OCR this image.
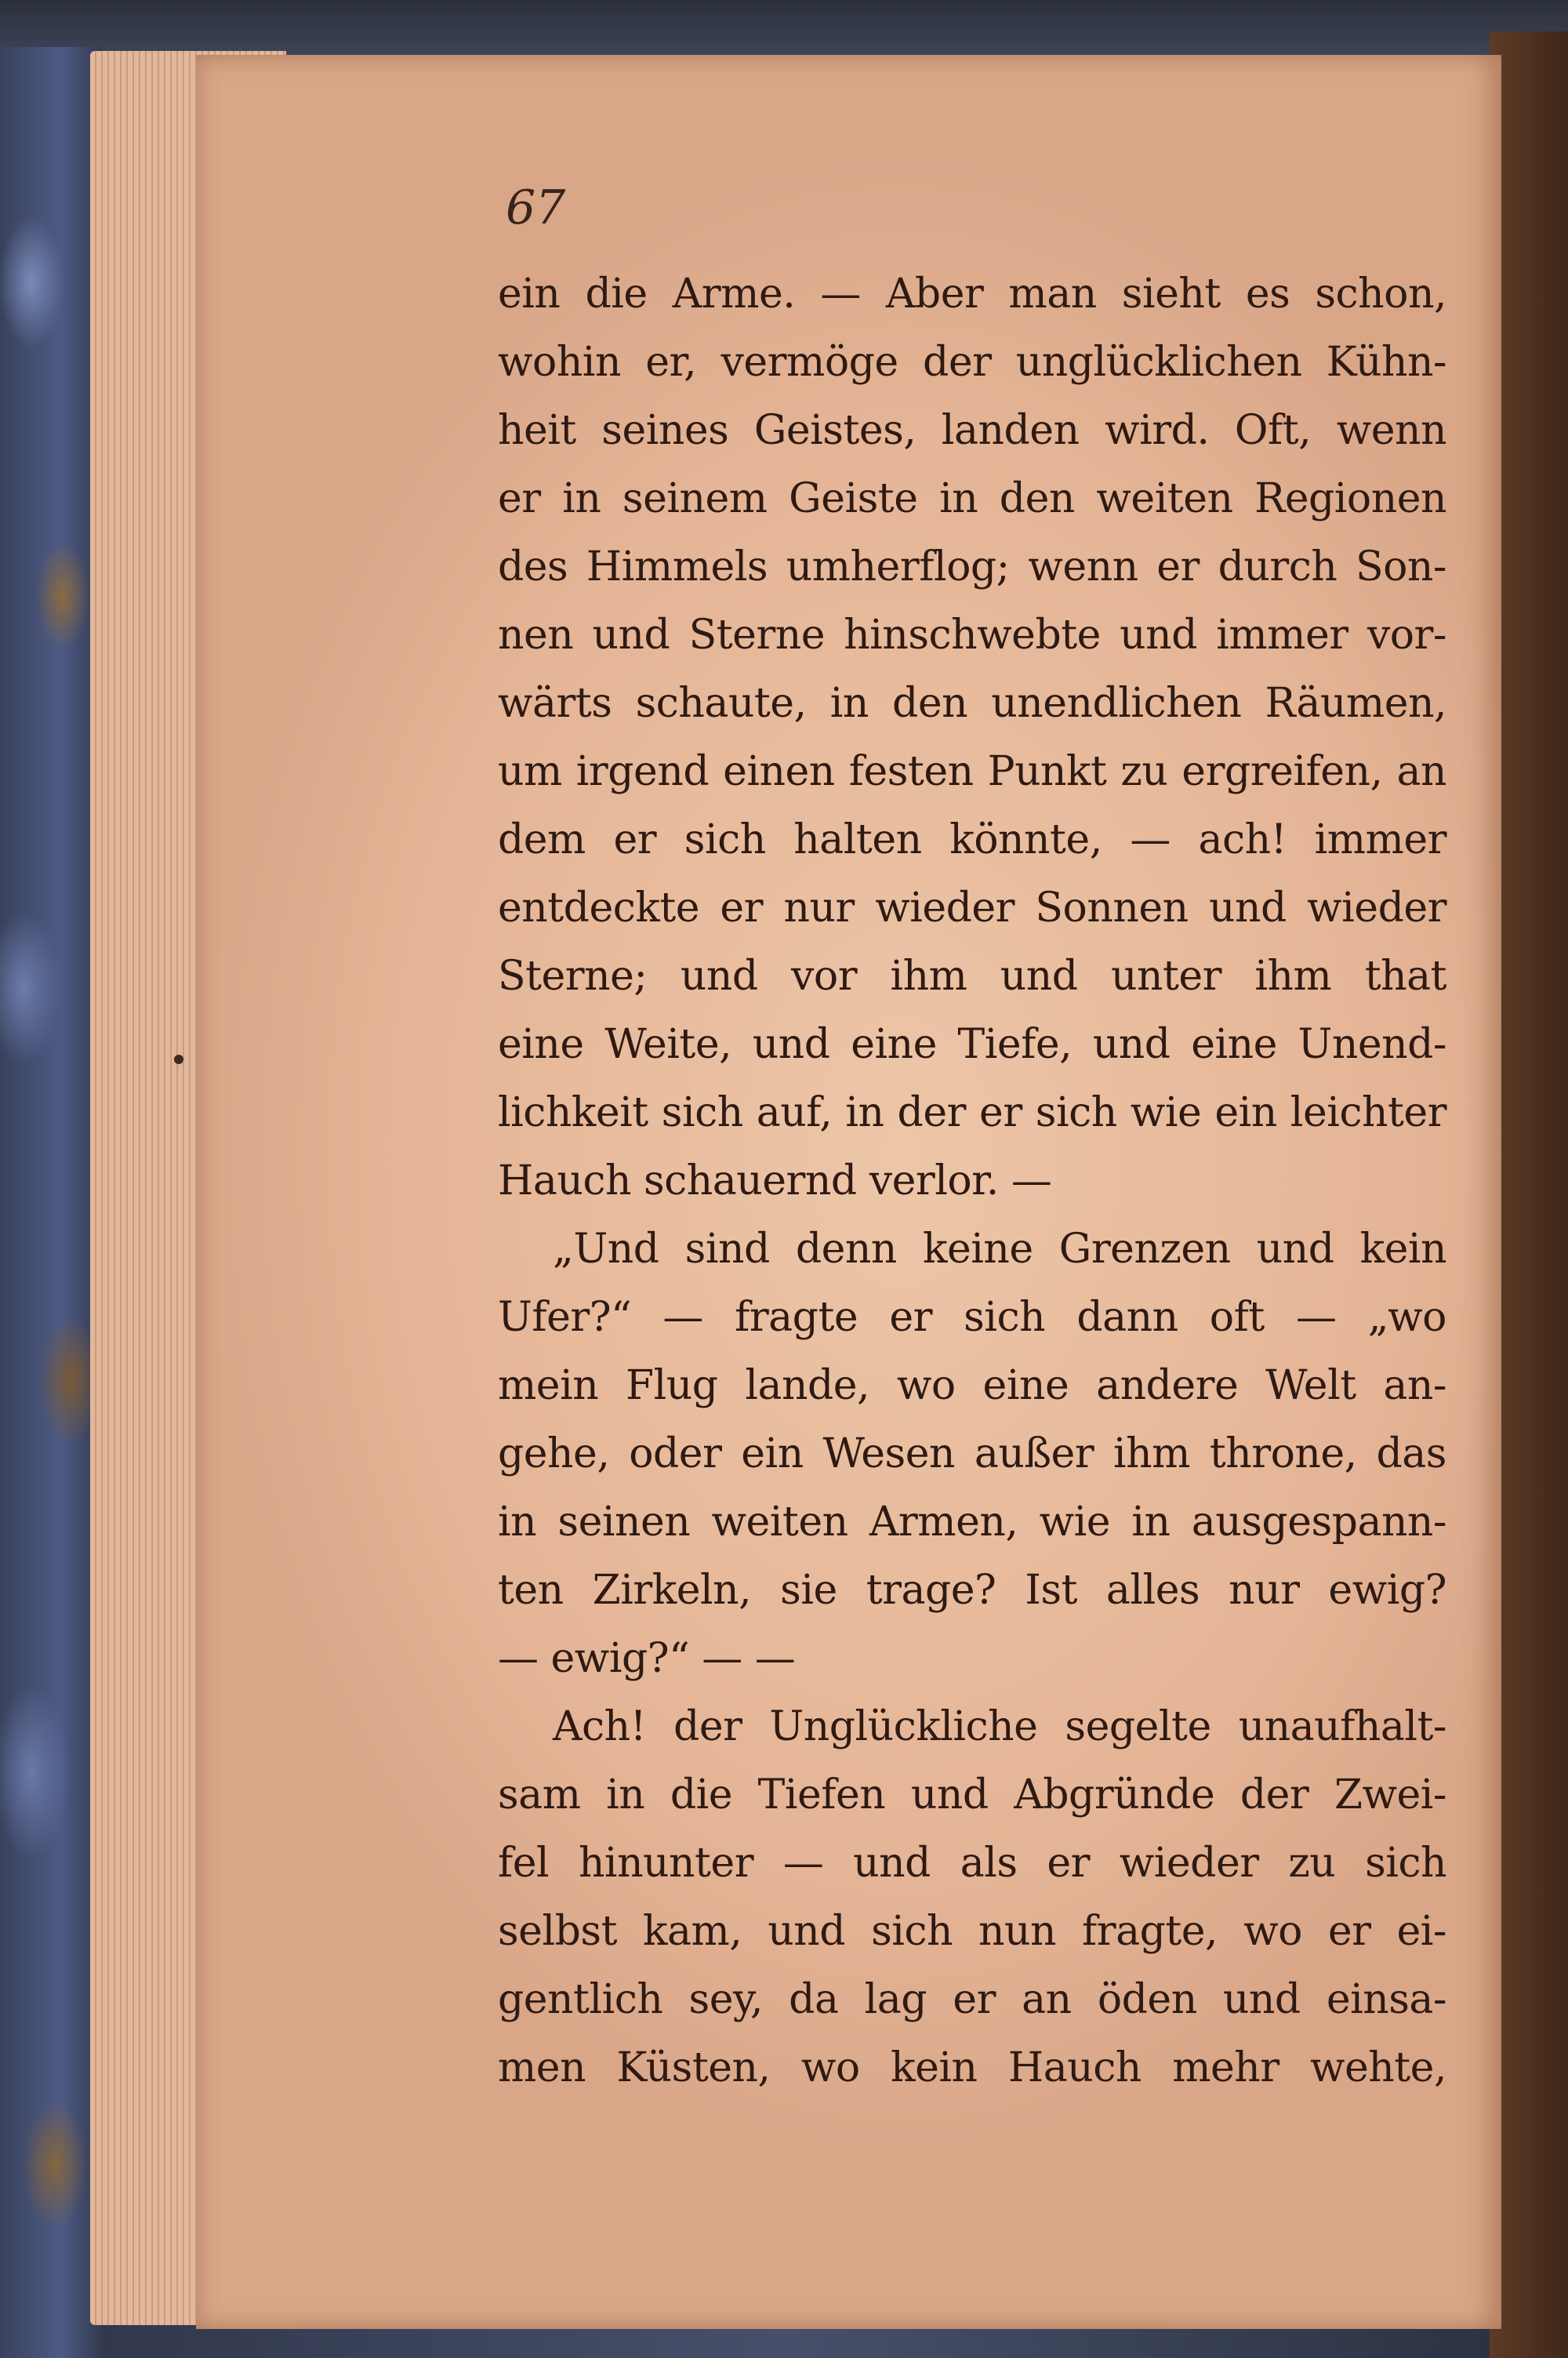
67
ein die Arme. — Aber man sieht es schon,
wohin er, vermöge der unglücklichen Kühn-
heit seines Geistes, landen wird. Oft, wenn
er in seinem Geiste in den weiten Regionen
des Himmels umherflog; wenn er durch Son-
nen und Sterne hinschwebte und immer vor-
wärts schaute, in den unendlichen Räumen,
um irgend einen festen Punkt zu ergreifen, an
dem er sich halten könnte, — ach! immer
entdeckte er nur wieder Sonnen und wieder
Sterne; und vor ihm und unter ihm that
eine Weite, und eine Tiefe, und eine Unend-
lichkeit sich auf, in der er sich wie ein leichter
Hauch schauernd verlor. —
„Und sind denn keine Grenzen und kein
Ufer?“ — fragte er sich dann oft — „wo
mein Flug lande, wo eine andere Welt an-
gehe, oder ein Wesen außer ihm throne, das
in seinen weiten Armen, wie in ausgespann-
ten Zirkeln, sie trage? Ist alles nur ewig?
— ewig?“ — —
Ach! der Unglückliche segelte unaufhalt-
sam in die Tiefen und Abgründe der Zwei-
fel hinunter — und als er wieder zu sich
selbst kam, und sich nun fragte, wo er ei-
gentlich sey, da lag er an öden und einsa-
men Küsten, wo kein Hauch mehr wehte,
